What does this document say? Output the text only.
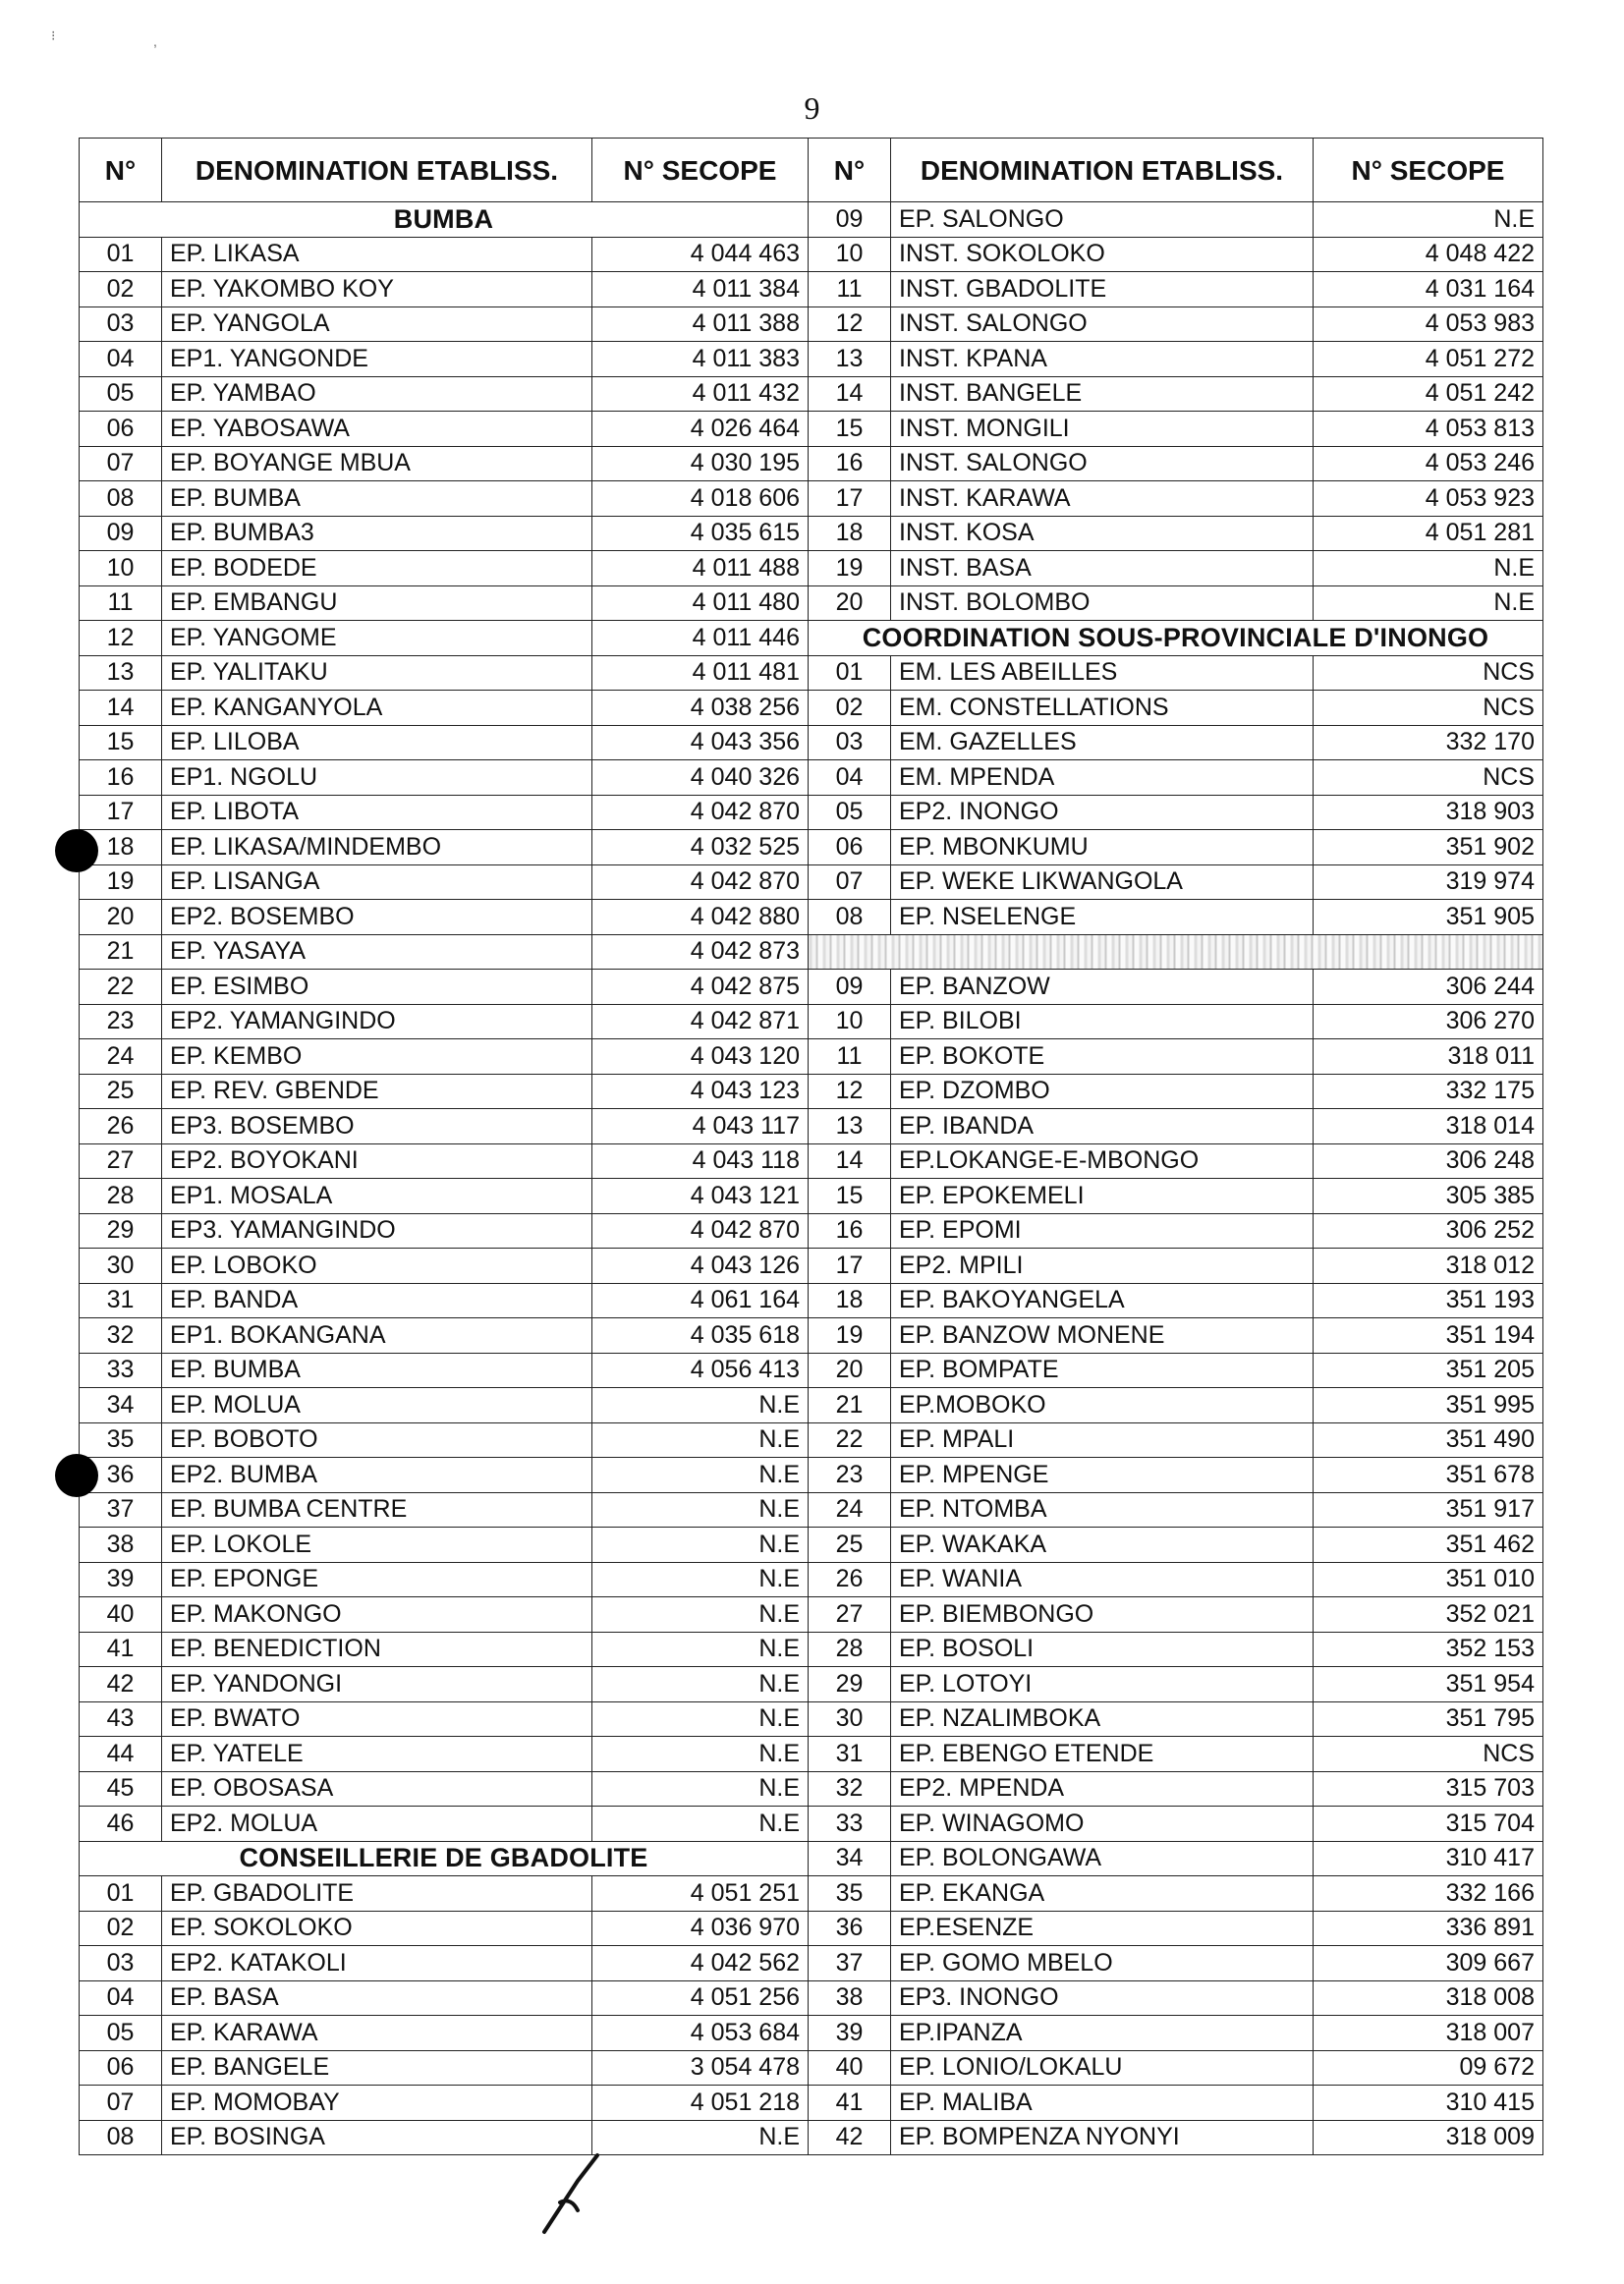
⁝	,
9
N°	DENOMINATION ETABLISS.	N° SECOPE
BUMBA		
01	EP. LIKASA	4 044 463
02	EP. YAKOMBO KOY	4 011 384
03	EP. YANGOLA	4 011 388
04	EP1. YANGONDE	4 011 383
05	EP. YAMBAO	4 011 432
06	EP. YABOSAWA	4 026 464
07	EP. BOYANGE MBUA	4 030 195
08	EP. BUMBA	4 018 606
09	EP. BUMBA3	4 035 615
10	EP. BODEDE	4 011 488
11	EP. EMBANGU	4 011 480
12	EP. YANGOME	4 011 446
13	EP. YALITAKU	4 011 481
14	EP. KANGANYOLA	4 038 256
15	EP. LILOBA	4 043 356
16	EP1. NGOLU	4 040 326
17	EP. LIBOTA	4 042 870
18	EP. LIKASA/MINDEMBO	4 032 525
19	EP. LISANGA	4 042 870
20	EP2. BOSEMBO	4 042 880
21	EP. YASAYA	4 042 873
22	EP. ESIMBO	4 042 875
23	EP2. YAMANGINDO	4 042 871
24	EP. KEMBO	4 043 120
25	EP. REV. GBENDE	4 043 123
26	EP3. BOSEMBO	4 043 117
27	EP2. BOYOKANI	4 043 118
28	EP1. MOSALA	4 043 121
29	EP3. YAMANGINDO	4 042 870
30	EP. LOBOKO	4 043 126
31	EP. BANDA	4 061 164
32	EP1. BOKANGANA	4 035 618
33	EP. BUMBA	4 056 413
34	EP. MOLUA	N.E
35	EP. BOBOTO	N.E
36	EP2. BUMBA	N.E
37	EP. BUMBA CENTRE	N.E
38	EP. LOKOLE	N.E
39	EP. EPONGE	N.E
40	EP. MAKONGO	N.E
41	EP. BENEDICTION	N.E
42	EP. YANDONGI	N.E
43	EP. BWATO	N.E
44	EP. YATELE	N.E
45	EP. OBOSASA	N.E
46	EP2. MOLUA	N.E
CONSEILLERIE DE GBADOLITE		
01	EP. GBADOLITE	4 051 251
02	EP. SOKOLOKO	4 036 970
03	EP2. KATAKOLI	4 042 562
04	EP. BASA	4 051 256
05	EP. KARAWA	4 053 684
06	EP. BANGELE	3 054 478
07	EP. MOMOBAY	4 051 218
08	EP. BOSINGA	N.E
N°	DENOMINATION ETABLISS.	N° SECOPE
09	EP. SALONGO	N.E
10	INST. SOKOLOKO	4 048 422
11	INST. GBADOLITE	4 031 164
12	INST. SALONGO	4 053 983
13	INST. KPANA	4 051 272
14	INST. BANGELE	4 051 242
15	INST. MONGILI	4 053 813
16	INST. SALONGO	4 053 246
17	INST. KARAWA	4 053 923
18	INST. KOSA	4 051 281
19	INST. BASA	N.E
20	INST. BOLOMBO	N.E
COORDINATION SOUS-PROVINCIALE D'INONGO		
01	EM. LES ABEILLES	NCS
02	EM. CONSTELLATIONS	NCS
03	EM. GAZELLES	332 170
04	EM. MPENDA	NCS
05	EP2. INONGO	318 903
06	EP. MBONKUMU	351 902
07	EP. WEKE LIKWANGOLA	319 974
08	EP. NSELENGE	351 905

09	EP. BANZOW	306 244
10	EP. BILOBI	306 270
11	EP. BOKOTE	318 011
12	EP. DZOMBO	332 175
13	EP. IBANDA	318 014
14	EP.LOKANGE-E-MBONGO	306 248
15	EP. EPOKEMELI	305 385
16	EP. EPOMI	306 252
17	EP2. MPILI	318 012
18	EP. BAKOYANGELA	351 193
19	EP. BANZOW MONENE	351 194
20	EP. BOMPATE	351 205
21	EP.MOBOKO	351 995
22	EP. MPALI	351 490
23	EP. MPENGE	351 678
24	EP. NTOMBA	351 917
25	EP. WAKAKA	351 462
26	EP. WANIA	351 010
27	EP. BIEMBONGO	352 021
28	EP. BOSOLI	352 153
29	EP. LOTOYI	351 954
30	EP. NZALIMBOKA	351 795
31	EP. EBENGO ETENDE	NCS
32	EP2. MPENDA	315 703
33	EP. WINAGOMO	315 704
34	EP. BOLONGAWA	310 417
35	EP. EKANGA	332 166
36	EP.ESENZE	336 891
37	EP. GOMO MBELO	309 667
38	EP3. INONGO	318 008
39	EP.IPANZA	318 007
40	EP. LONIO/LOKALU	09 672
41	EP. MALIBA	310 415
42	EP. BOMPENZA NYONYI	318 009
